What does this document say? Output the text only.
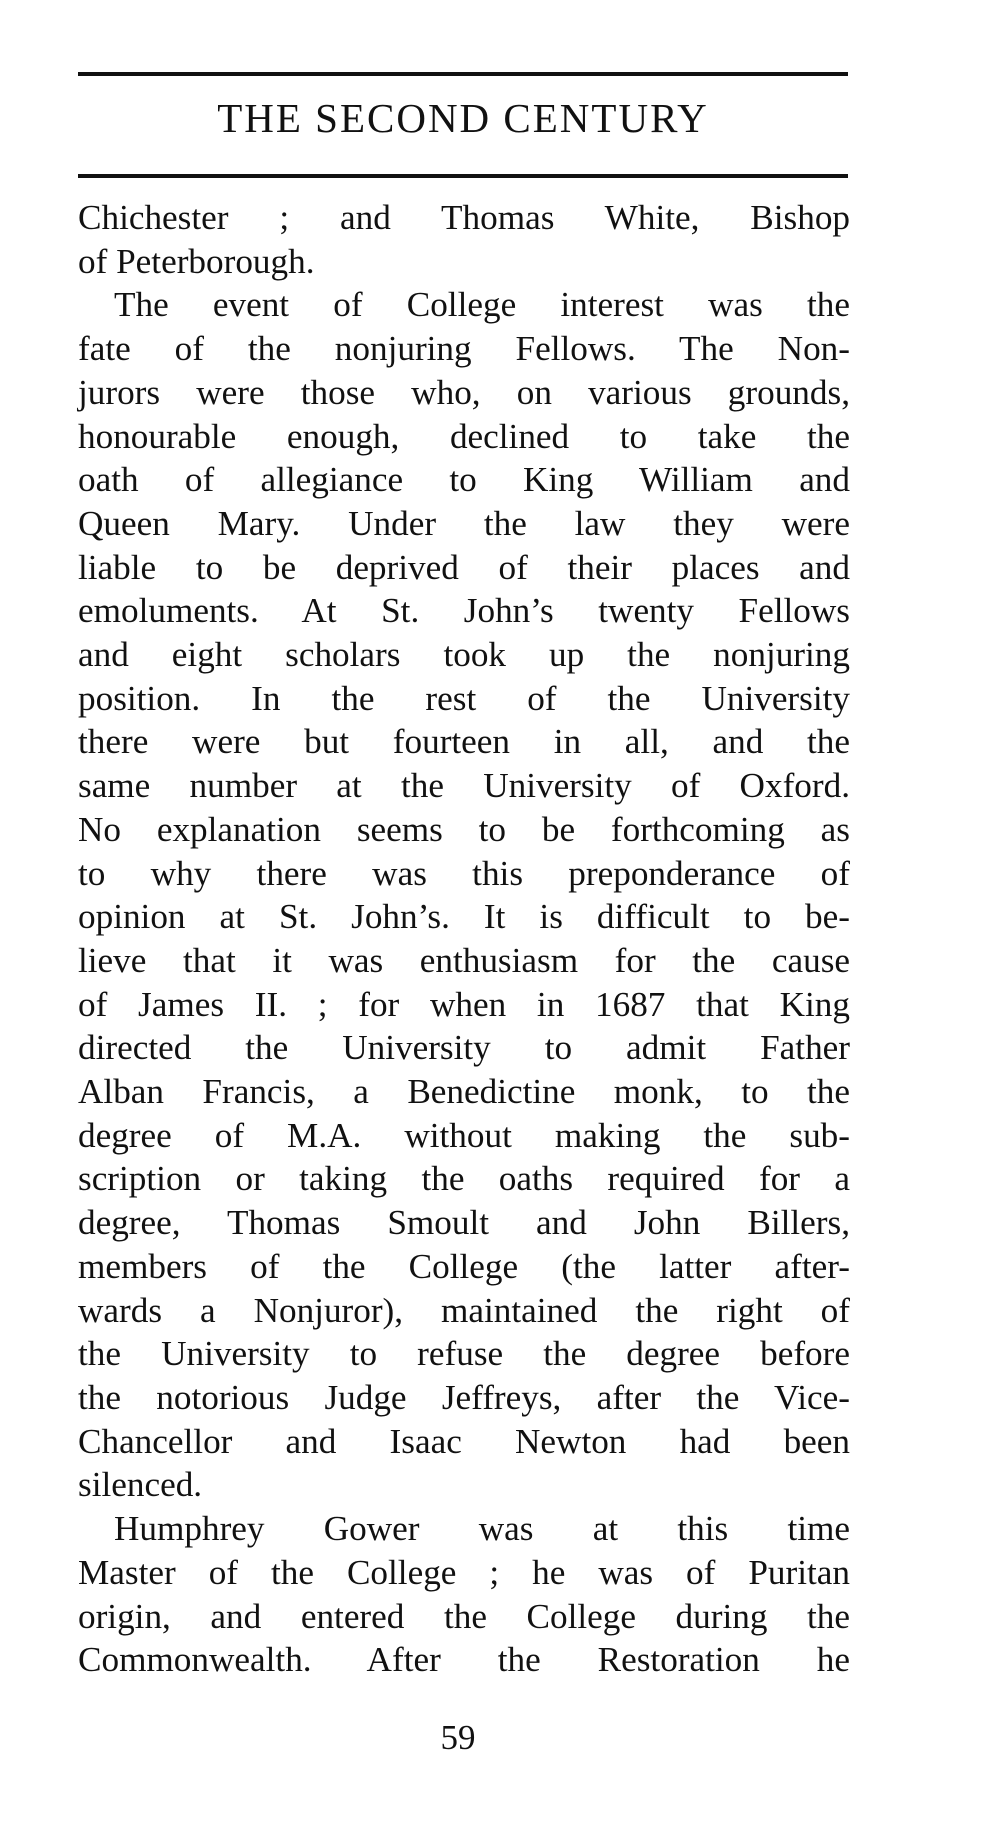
THE SECOND CENTURY

Chichester ; and Thomas White, Bishop

of Peterborough.

The event of College interest was the

fate of the nonjuring Fellows. The Non-

jurors were those who, on various grounds,

honourable enough, declined to take the

oath of allegiance to King William and

Queen Mary. Under the law they were

liable to be deprived of their places and

emoluments. At St. John’s twenty Fellows

and eight scholars took up the nonjuring

position. In the rest of the University

there were but fourteen in all, and the

same number at the University of Oxford.

No explanation seems to be forthcoming as

to why there was this preponderance of

opinion at St. John’s. It is difficult to be-

lieve that it was enthusiasm for the cause

of James II. ; for when in 1687 that King

directed the University to admit Father

Alban Francis, a Benedictine monk, to the

degree of M.A. without making the sub-

scription or taking the oaths required for a

degree, Thomas Smoult and John Billers,

members of the College (the latter after-

wards a Nonjuror), maintained the right of

the University to refuse the degree before

the notorious Judge Jeffreys, after the Vice-

Chancellor and Isaac Newton had been

silenced.

Humphrey Gower was at this time

Master of the College ; he was of Puritan

origin, and entered the College during the

Commonwealth. After the Restoration he

59
